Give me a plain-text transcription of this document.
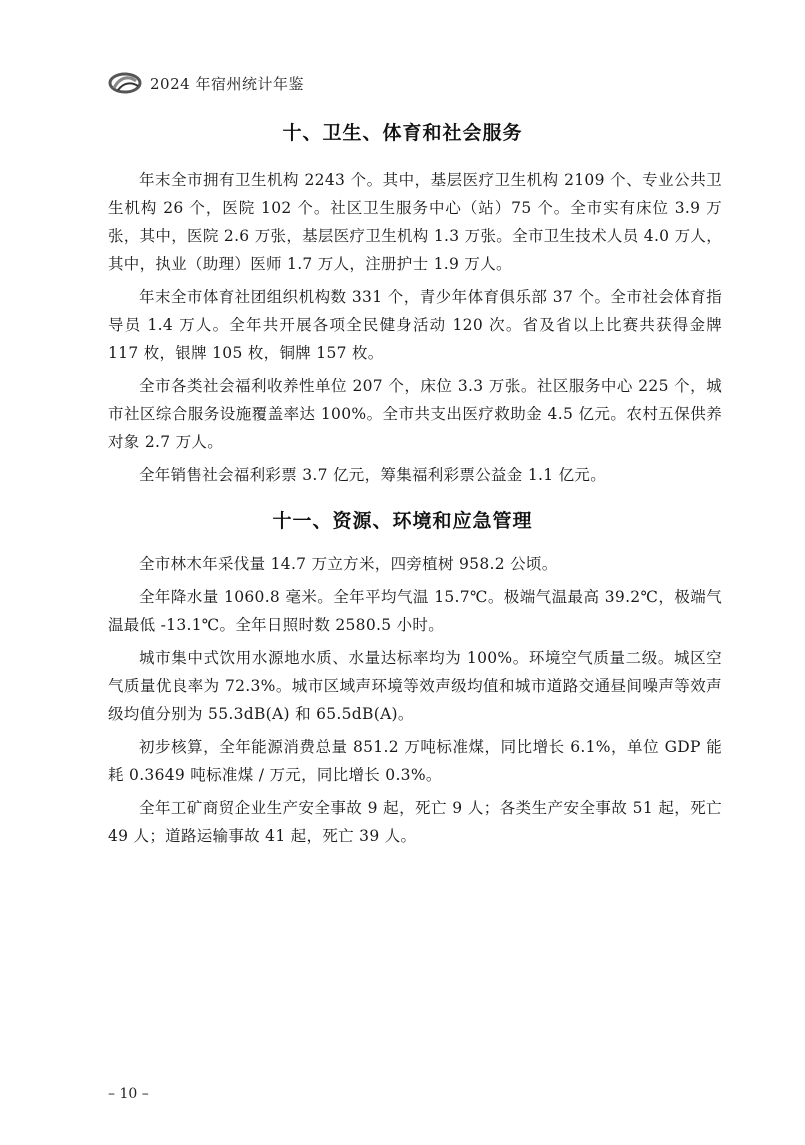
2024 年宿州统计年鉴
十、卫生、体育和社会服务

年末全市拥有卫生机构 2243 个。其中，基层医疗卫生机构 2109 个、专业公共卫生机构 26 个，医院 102 个。社区卫生服务中心（站）75 个。全市实有床位 3.9 万张，其中，医院 2.6 万张，基层医疗卫生机构 1.3 万张。全市卫生技术人员 4.0 万人，其中，执业（助理）医师 1.7 万人，注册护士 1.9 万人。

年末全市体育社团组织机构数 331 个，青少年体育俱乐部 37 个。全市社会体育指导员 1.4 万人。全年共开展各项全民健身活动 120 次。省及省以上比赛共获得金牌 117 枚，银牌 105 枚，铜牌 157 枚。

全市各类社会福利收养性单位 207 个，床位 3.3 万张。社区服务中心 225 个，城市社区综合服务设施覆盖率达 100%。全市共支出医疗救助金 4.5 亿元。农村五保供养对象 2.7 万人。

全年销售社会福利彩票 3.7 亿元，筹集福利彩票公益金 1.1 亿元。

十一、资源、环境和应急管理

全市林木年采伐量 14.7 万立方米，四旁植树 958.2 公顷。

全年降水量 1060.8 毫米。全年平均气温 15.7℃。极端气温最高 39.2℃，极端气温最低 -13.1℃。全年日照时数 2580.5 小时。

城市集中式饮用水源地水质、水量达标率均为 100%。环境空气质量二级。城区空气质量优良率为 72.3%。城市区域声环境等效声级均值和城市道路交通昼间噪声等效声级均值分别为 55.3dB(A) 和 65.5dB(A)。

初步核算，全年能源消费总量 851.2 万吨标准煤，同比增长 6.1%，单位 GDP 能耗 0.3649 吨标准煤 / 万元，同比增长 0.3%。

全年工矿商贸企业生产安全事故 9 起，死亡 9 人；各类生产安全事故 51 起，死亡 49 人；道路运输事故 41 起，死亡 39 人。

– 10 –
